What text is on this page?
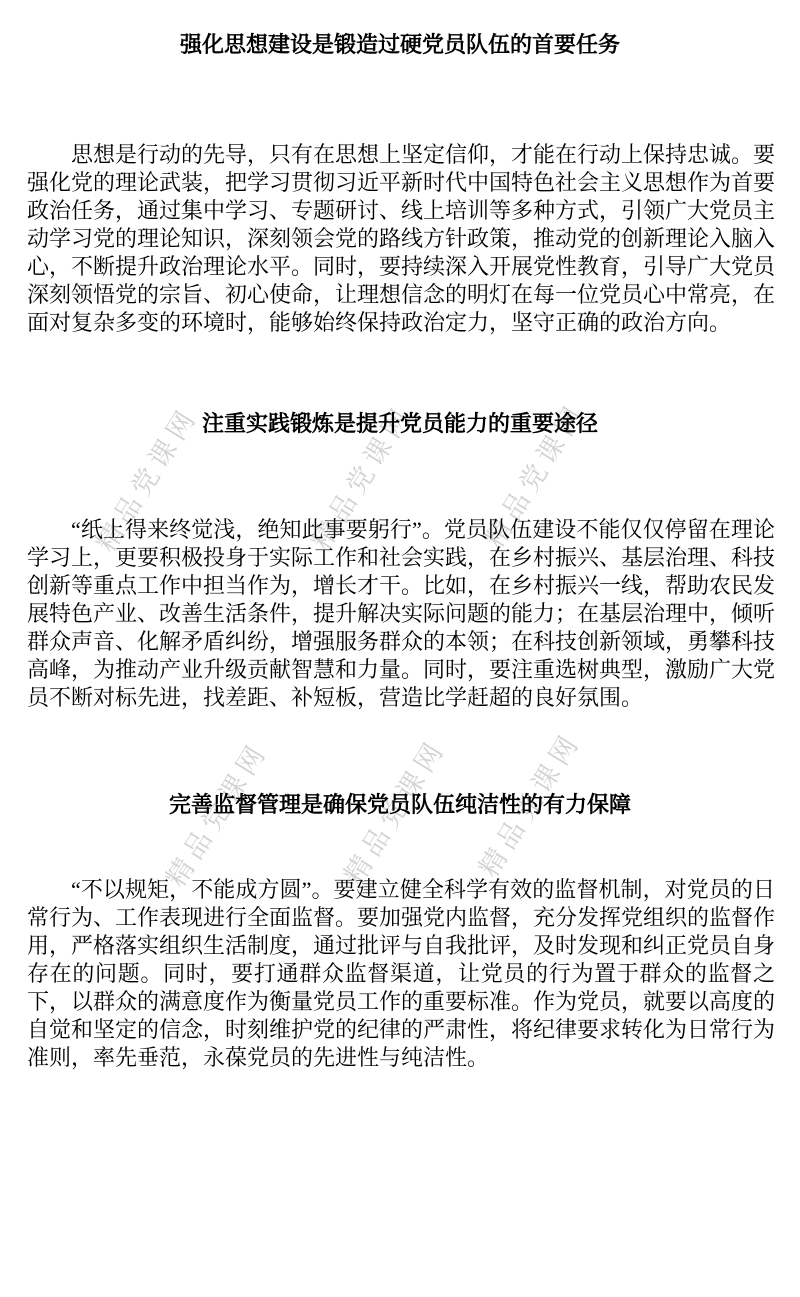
精品党课网	精品党课网 精品党课网
精品党课网 精品党课网 精品党课网
强化思想建设是锻造过硬党员队伍的首要任务

思想是行动的先导，只有在思想上坚定信仰，才能在行动上保持忠诚。要强化党的理论武装，把学习贯彻习近平新时代中国特色社会主义思想作为首要政治任务，通过集中学习、专题研讨、线上培训等多种方式，引领广大党员主动学习党的理论知识，深刻领会党的路线方针政策，推动党的创新理论入脑入心，不断提升政治理论水平。同时，要持续深入开展党性教育，引导广大党员深刻领悟党的宗旨、初心使命，让理想信念的明灯在每一位党员心中常亮，在面对复杂多变的环境时，能够始终保持政治定力，坚守正确的政治方向。

注重实践锻炼是提升党员能力的重要途径

“纸上得来终觉浅，绝知此事要躬行”。党员队伍建设不能仅仅停留在理论学习上，更要积极投身于实际工作和社会实践，在乡村振兴、基层治理、科技创新等重点工作中担当作为，增长才干。比如，在乡村振兴一线，帮助农民发展特色产业、改善生活条件，提升解决实际问题的能力；在基层治理中，倾听群众声音、化解矛盾纠纷，增强服务群众的本领；在科技创新领域，勇攀科技高峰，为推动产业升级贡献智慧和力量。同时，要注重选树典型，激励广大党员不断对标先进，找差距、补短板，营造比学赶超的良好氛围。

完善监督管理是确保党员队伍纯洁性的有力保障

“不以规矩，不能成方圆”。要建立健全科学有效的监督机制，对党员的日常行为、工作表现进行全面监督。要加强党内监督，充分发挥党组织的监督作用，严格落实组织生活制度，通过批评与自我批评，及时发现和纠正党员自身存在的问题。同时，要打通群众监督渠道，让党员的行为置于群众的监督之下，以群众的满意度作为衡量党员工作的重要标准。作为党员，就要以高度的自觉和坚定的信念，时刻维护党的纪律的严肃性，将纪律要求转化为日常行为准则，率先垂范，永葆党员的先进性与纯洁性。
